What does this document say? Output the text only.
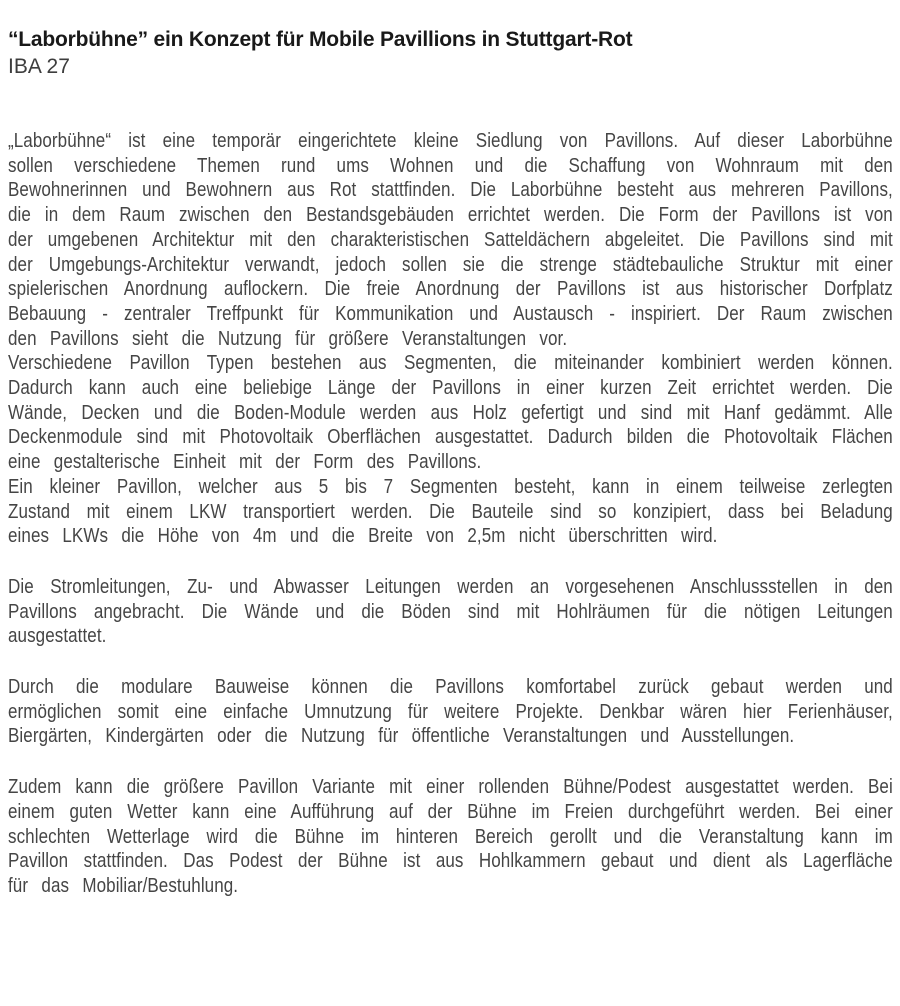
“Laborbühne” ein Konzept für Mobile Pavillions in Stuttgart-Rot
IBA 27

„Laborbühne“ ist eine temporär eingerichtete kleine Siedlung von Pavillons. Auf dieser Laborbühne sollen verschiedene Themen rund ums Wohnen und die Schaffung von Wohnraum mit den Bewohnerinnen und Bewohnern aus Rot stattfinden. Die Laborbühne besteht aus mehreren Pavillons, die in dem Raum zwischen den Bestandsgebäuden errichtet werden. Die Form der Pavillons ist von der umgebenen Architektur mit den charakteristischen Satteldächern abgeleitet. Die Pavillons sind mit der Umgebungs-Architektur verwandt, jedoch sollen sie die strenge städtebauliche Struktur mit einer spielerischen Anordnung auflockern. Die freie Anordnung der Pavillons ist aus historischer Dorfplatz Bebauung - zentraler Treffpunkt für Kommunikation und Austausch - inspiriert. Der Raum zwischen den Pavillons sieht die Nutzung für größere Veranstaltungen vor.

Verschiedene Pavillon Typen bestehen aus Segmenten, die miteinander kombiniert werden können. Dadurch kann auch eine beliebige Länge der Pavillons in einer kurzen Zeit errichtet werden. Die Wände, Decken und die Boden-Module werden aus Holz gefertigt und sind mit Hanf gedämmt. Alle Deckenmodule sind mit Photovoltaik Oberflächen ausgestattet. Dadurch bilden die Photovoltaik Flächen eine gestalterische Einheit mit der Form des Pavillons.

Ein kleiner Pavillon, welcher aus 5 bis 7 Segmenten besteht, kann in einem teilweise zerlegten Zustand mit einem LKW transportiert werden. Die Bauteile sind so konzipiert, dass bei Beladung eines LKWs die Höhe von 4m und die Breite von 2,5m nicht überschritten wird.

Die Stromleitungen, Zu- und Abwasser Leitungen werden an vorgesehenen Anschlussstellen in den Pavillons angebracht. Die Wände und die Böden sind mit Hohlräumen für die nötigen Leitungen ausgestattet.

Durch die modulare Bauweise können die Pavillons komfortabel zurück gebaut werden und ermöglichen somit eine einfache Umnutzung für weitere Projekte. Denkbar wären hier Ferienhäuser, Biergärten, Kindergärten oder die Nutzung für öffentliche Veranstaltungen und Ausstellungen.

Zudem kann die größere Pavillon Variante mit einer rollenden Bühne/Podest ausgestattet werden. Bei einem guten Wetter kann eine Aufführung auf der Bühne im Freien durchgeführt werden. Bei einer schlechten Wetterlage wird die Bühne im hinteren Bereich gerollt und die Veranstaltung kann im Pavillon stattfinden. Das Podest der Bühne ist aus Hohlkammern gebaut und dient als Lagerfläche für das Mobiliar/Bestuhlung.
